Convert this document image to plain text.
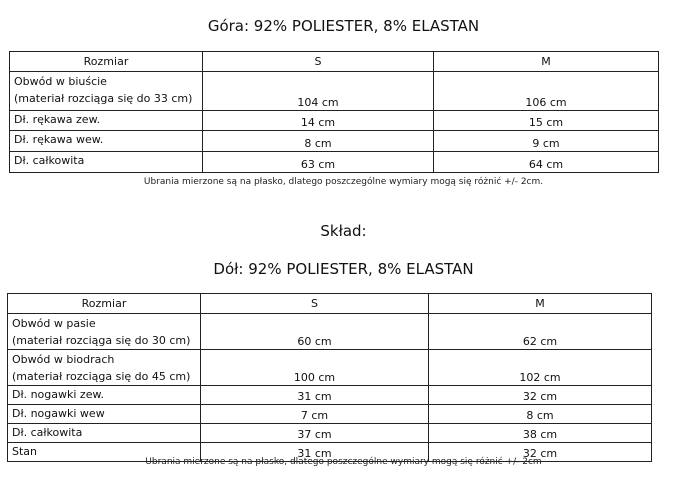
Góra: 92% POLIESTER, 8% ELASTAN
Rozmiar	S	M

Obwód w biuście
(materiał rozciąga się do 33 cm)	104 cm	106 cm

Dł. rękawa zew.	14 cm	15 cm

Dł. rękawa wew.	8 cm	9 cm

Dł. całkowita	63 cm	64 cm
Ubrania mierzone są na płasko, dlatego poszczególne wymiary mogą się różnić +/- 2cm.
Skład:
Dół: 92% POLIESTER, 8% ELASTAN
Rozmiar	S	M

Obwód w pasie
(materiał rozciąga się do 30 cm)	60 cm	62 cm

Obwód w biodrach
(materiał rozciąga się do 45 cm)	100 cm	102 cm

Dł. nogawki zew.	31 cm	32 cm

Dł. nogawki wew	7 cm	8 cm

Dł. całkowita	37 cm	38 cm

Stan	31 cm	32 cm
Ubrania mierzone są na płasko, dlatego poszczególne wymiary mogą się różnić +/- 2cm
